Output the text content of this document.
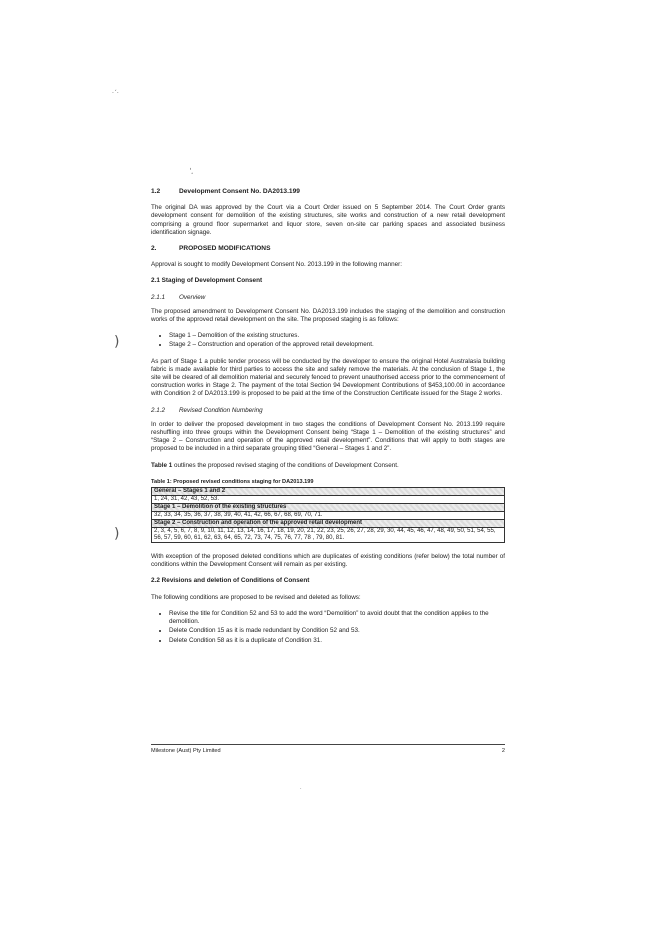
·´·
`·
)
)
1.2	Development Consent No. DA2013.199

The original DA was approved by the Court via a Court Order issued on 5 September 2014. The Court Order grants development consent for demolition of the existing structures, site works and construction of a new retail development comprising a ground floor supermarket and liquor store, seven on-site car parking spaces and associated business identification signage.

2.	PROPOSED MODIFICATIONS

Approval is sought to modify Development Consent No. 2013.199 in the following manner:

2.1 Staging of Development Consent
2.1.1 Overview

The proposed amendment to Development Consent No. DA2013.199 includes the staging of the demolition and construction works of the approved retail development on the site. The proposed staging is as follows:

• Stage 1 – Demolition of the existing structures.
• Stage 2 – Construction and operation of the approved retail development.

As part of Stage 1 a public tender process will be conducted by the developer to ensure the original Hotel Australasia building fabric is made available for third parties to access the site and safely remove the materials. At the conclusion of Stage 1, the site will be cleared of all demolition material and securely fenced to prevent unauthorised access prior to the commencement of construction works in Stage 2. The payment of the total Section 94 Development Contributions of $453,100.00 in accordance with Condition 2 of DA2013.199 is proposed to be paid at the time of the Construction Certificate issued for the Stage 2 works.

2.1.2 Revised Condition Numbering

In order to deliver the proposed development in two stages the conditions of Development Consent No. 2013.199 require reshuffling into three groups within the Development Consent being “Stage 1 – Demolition of the existing structures” and “Stage 2 – Construction and operation of the approved retail development”. Conditions that will apply to both stages are proposed to be included in a third separate grouping titled “General – Stages 1 and 2”.

Table 1 outlines the proposed revised staging of the conditions of Development Consent.

Table 1: Proposed revised conditions staging for DA2013.199
General – Stages 1 and 2
1, 24, 31, 42, 43, 52, 53.
Stage 1 – Demolition of the existing structures
32, 33, 34, 35, 36, 37, 38, 39, 40, 41, 42, 66, 67, 68, 69, 70, 71.
Stage 2 – Construction and operation of the approved retail development
2, 3, 4, 5, 6, 7, 8, 9, 10, 11, 12, 13, 14, 16, 17, 18, 19, 20, 21, 22, 23, 25, 26, 27, 28, 29, 30, 44, 45, 46, 47, 48, 49, 50, 51, 54, 55, 56, 57, 59, 60, 61, 62, 63, 64, 65, 72, 73, 74, 75, 76, 77, 78 , 79, 80, 81.

With exception of the proposed deleted conditions which are duplicates of existing conditions (refer below) the total number of conditions within the Development Consent will remain as per existing.

2.2 Revisions and deletion of Conditions of Consent

The following conditions are proposed to be revised and deleted as follows:

• Revise the title for Condition 52 and 53 to add the word “Demolition” to avoid doubt that the condition applies to the demolition.
• Delete Condition 15 as it is made redundant by Condition 52 and 53.
• Delete Condition 58 as it is a duplicate of Condition 31.
Milestone (Aust) Pty Limited	2
·
